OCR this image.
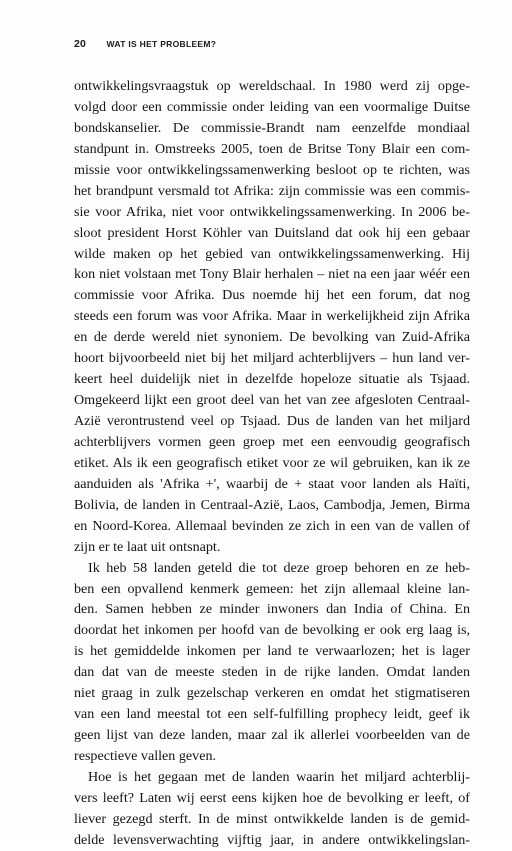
20 WAT IS HET PROBLEEM?
ontwikkelingsvraagstuk op wereldschaal. In 1980 werd zij opge-
volgd door een commissie onder leiding van een voormalige Duitse
bondskanselier. De commissie-Brandt nam eenzelfde mondiaal
standpunt in. Omstreeks 2005, toen de Britse Tony Blair een com-
missie voor ontwikkelingssamenwerking besloot op te richten, was
het brandpunt versmald tot Afrika: zijn commissie was een commis-
sie voor Afrika, niet voor ontwikkelingssamenwerking. In 2006 be-
sloot president Horst Köhler van Duitsland dat ook hij een gebaar
wilde maken op het gebied van ontwikkelingssamenwerking. Hij
kon niet volstaan met Tony Blair herhalen – niet na een jaar wéér een
commissie voor Afrika. Dus noemde hij het een forum, dat nog
steeds een forum was voor Afrika. Maar in werkelijkheid zijn Afrika
en de derde wereld niet synoniem. De bevolking van Zuid-Afrika
hoort bijvoorbeeld niet bij het miljard achterblijvers – hun land ver-
keert heel duidelijk niet in dezelfde hopeloze situatie als Tsjaad.
Omgekeerd lijkt een groot deel van het van zee afgesloten Centraal-
Azië verontrustend veel op Tsjaad. Dus de landen van het miljard
achterblijvers vormen geen groep met een eenvoudig geografisch
etiket. Als ik een geografisch etiket voor ze wil gebruiken, kan ik ze
aanduiden als 'Afrika +', waarbij de + staat voor landen als Haïti,
Bolivia, de landen in Centraal-Azië, Laos, Cambodja, Jemen, Birma
en Noord-Korea. Allemaal bevinden ze zich in een van de vallen of
zijn er te laat uit ontsnapt.
Ik heb 58 landen geteld die tot deze groep behoren en ze heb-
ben een opvallend kenmerk gemeen: het zijn allemaal kleine lan-
den. Samen hebben ze minder inwoners dan India of China. En
doordat het inkomen per hoofd van de bevolking er ook erg laag is,
is het gemiddelde inkomen per land te verwaarlozen; het is lager
dan dat van de meeste steden in de rijke landen. Omdat landen
niet graag in zulk gezelschap verkeren en omdat het stigmatiseren
van een land meestal tot een self-fulfilling prophecy leidt, geef ik
geen lijst van deze landen, maar zal ik allerlei voorbeelden van de
respectieve vallen geven.
Hoe is het gegaan met de landen waarin het miljard achterblij-
vers leeft? Laten wij eerst eens kijken hoe de bevolking er leeft, of
liever gezegd sterft. In de minst ontwikkelde landen is de gemid-
delde levensverwachting vijftig jaar, in andere ontwikkelingslan-
